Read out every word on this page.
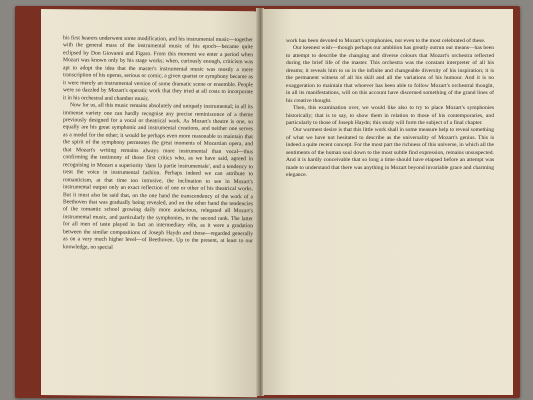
his first hearers underwent some modification, and his instrumental music—together with the general mass of the instrumental music of his epoch—became quite eclipsed by Don Giovanni and Figaro. From this moment we enter a period when Mozart was known only by his stage works; when, curiously enough, criticism was apt to adopt the idea that the master's instrumental music was mostly a mere transcription of his operas, serious or comic; a given quartet or symphony became as it were merely an instrumental version of some dramatic scene or ensemble. People were so dazzled by Mozart's operatic work that they tried at all costs to incorporate it in his orchestral and chamber music.

Now for us, all this music remains absolutely and uniquely instrumental; in all its immense variety one can hardly recognise any precise reminiscence of a theme previously designed for a vocal or theatrical work. As Mozart's theatre is one, so equally are his great symphonic and instrumental creations, and neither one serves as a model for the other; it would be perhaps even more reasonable to maintain that the spirit of the symphony permeates the great moments of Mozartian opera, and that Mozart's writing remains always more instrumental than vocal—thus confirming the testimony of those first critics who, as we have said, agreed in recognising in Mozart a superiority 'dans la partie instrumentale', and a tendency to treat the voice in instrumental fashion. Perhaps indeed we can attribute to romanticism, at that time too intrusive, the inclination to see in Mozart's instrumental output only an exact reflection of one or other of his theatrical works. But it must also be said that, on the one hand the transcendency of the work of a Beethoven that was gradually being revealed, and on the other hand the tendencies of the romantic school growing daily more audacious, relegated all Mozart's instrumental music, and particularly the symphonies, to the second rank. The latter for all men of taste played in fact an intermediary rôle, as it were a gradation between the similar compositions of Joseph Haydn and those—regarded generally as on a very much higher level—of Beethoven. Up to the present, at least to our knowledge, no special

work has been devoted to Mozart's symphonies, nor even to the most celebrated of these.

Our keenest wish—though perhaps our ambition has greatly outrun our means—has been to attempt to describe the changing and diverse colours that Mozart's orchestra reflected during the brief life of the master. This orchestra was the constant interpreter of all his dreams; it reveals him to us in the infinite and changeable diversity of his inspiration; it is the permanent witness of all his skill and all the variations of his humour. And it is no exaggeration to maintain that whoever has been able to follow Mozart's orchestral thought, in all its manifestations, will on this account have discerned something of the grand lines of his creative thought.

Then, this examination over, we would like also to try to place Mozart's symphonies historically; that is to say, to show them in relation to those of his contemporaries, and particularly to those of Joseph Haydn; this study will form the subject of a final chapter.

Our warmest desire is that this little work shall in some measure help to reveal something of what we have not hesitated to describe as the universality of Mozart's genius. This is indeed a quite recent concept. For the most part the richness of this universe, in which all the sentiments of the human soul down to the most subtle find expression, remains unsuspected. And it is hardly conceivable that so long a time should have elapsed before an attempt was made to understand that there was anything in Mozart beyond invariable grace and charming elegance.
